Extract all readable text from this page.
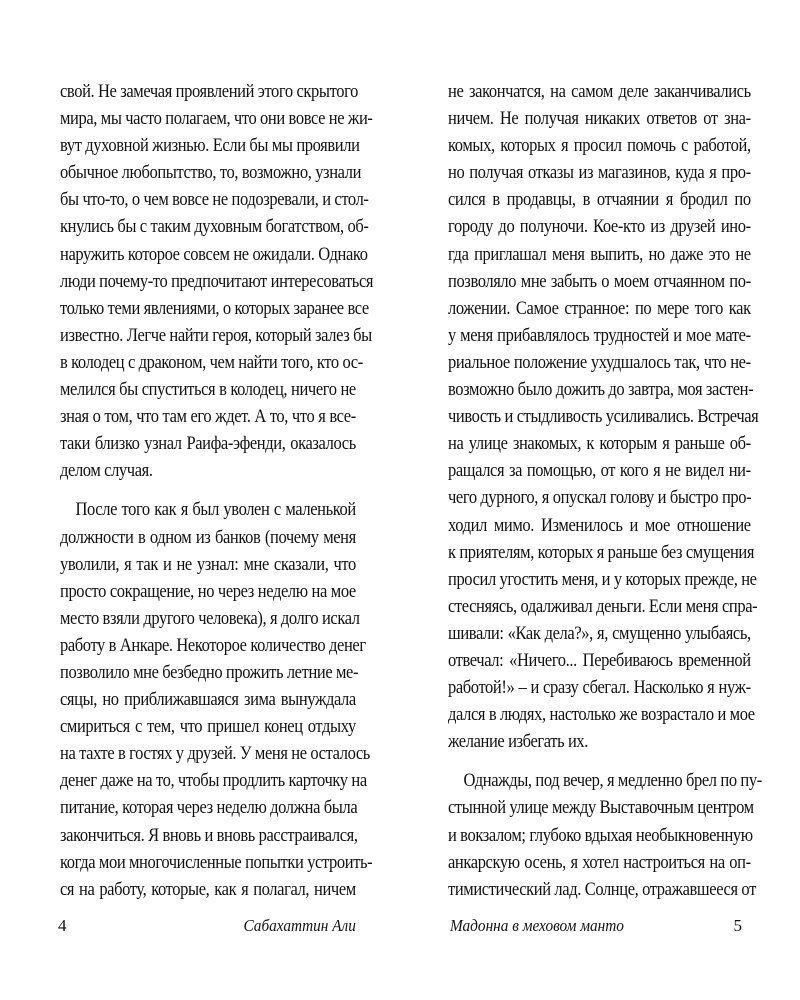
свой. Не замечая проявлений этого скрытого
мира, мы часто полагаем, что они вовсе не жи-
вут духовной жизнью. Если бы мы проявили
обычное любопытство, то, возможно, узнали
бы что-то, о чем вовсе не подозревали, и стол-
кнулись бы с таким духовным богатством, об-
наружить которое совсем не ожидали. Однако
люди почему-то предпочитают интересоваться
только теми явлениями, о которых заранее все
известно. Легче найти героя, который залез бы
в колодец с драконом, чем найти того, кто ос-
мелился бы спуститься в колодец, ничего не
зная о том, что там его ждет. А то, что я все-
таки близко узнал Раифа-эфенди, оказалось
делом случая.
После того как я был уволен с маленькой
должности в одном из банков (почему меня
уволили, я так и не узнал: мне сказали, что
просто сокращение, но через неделю на мое
место взяли другого человека), я долго искал
работу в Анкаре. Некоторое количество денег
позволило мне безбедно прожить летние ме-
сяцы, но приближавшаяся зима вынуждала
смириться с тем, что пришел конец отдыху
на тахте в гостях у друзей. У меня не осталось
денег даже на то, чтобы продлить карточку на
питание, которая через неделю должна была
закончиться. Я вновь и вновь расстраивался,
когда мои многочисленные попытки устроить-
ся на работу, которые, как я полагал, ничем
4	Сабахаттин Али
не закончатся, на самом деле заканчивались
ничем. Не получая никаких ответов от зна-
комых, которых я просил помочь с работой,
но получая отказы из магазинов, куда я про-
сился в продавцы, в отчаянии я бродил по
городу до полуночи. Кое-кто из друзей ино-
гда приглашал меня выпить, но даже это не
позволяло мне забыть о моем отчаянном по-
ложении. Самое странное: по мере того как
у меня прибавлялось трудностей и мое мате-
риальное положение ухудшалось так, что не-
возможно было дожить до завтра, моя застен-
чивость и стыдливость усиливались. Встречая
на улице знакомых, к которым я раньше об-
ращался за помощью, от кого я не видел ни-
чего дурного, я опускал голову и быстро про-
ходил мимо. Изменилось и мое отношение
к приятелям, которых я раньше без смущения
просил угостить меня, и у которых прежде, не
стесняясь, одалживал деньги. Если меня спра-
шивали: «Как дела?», я, смущенно улыбаясь,
отвечал: «Ничего... Перебиваюсь временной
работой!» – и сразу сбегал. Насколько я нуж-
дался в людях, настолько же возрастало и мое
желание избегать их.
Однажды, под вечер, я медленно брел по пу-
стынной улице между Выставочным центром
и вокзалом; глубоко вдыхая необыкновенную
анкарскую осень, я хотел настроиться на оп-
тимистический лад. Солнце, отражавшееся от
Мадонна в меховом манто	5
